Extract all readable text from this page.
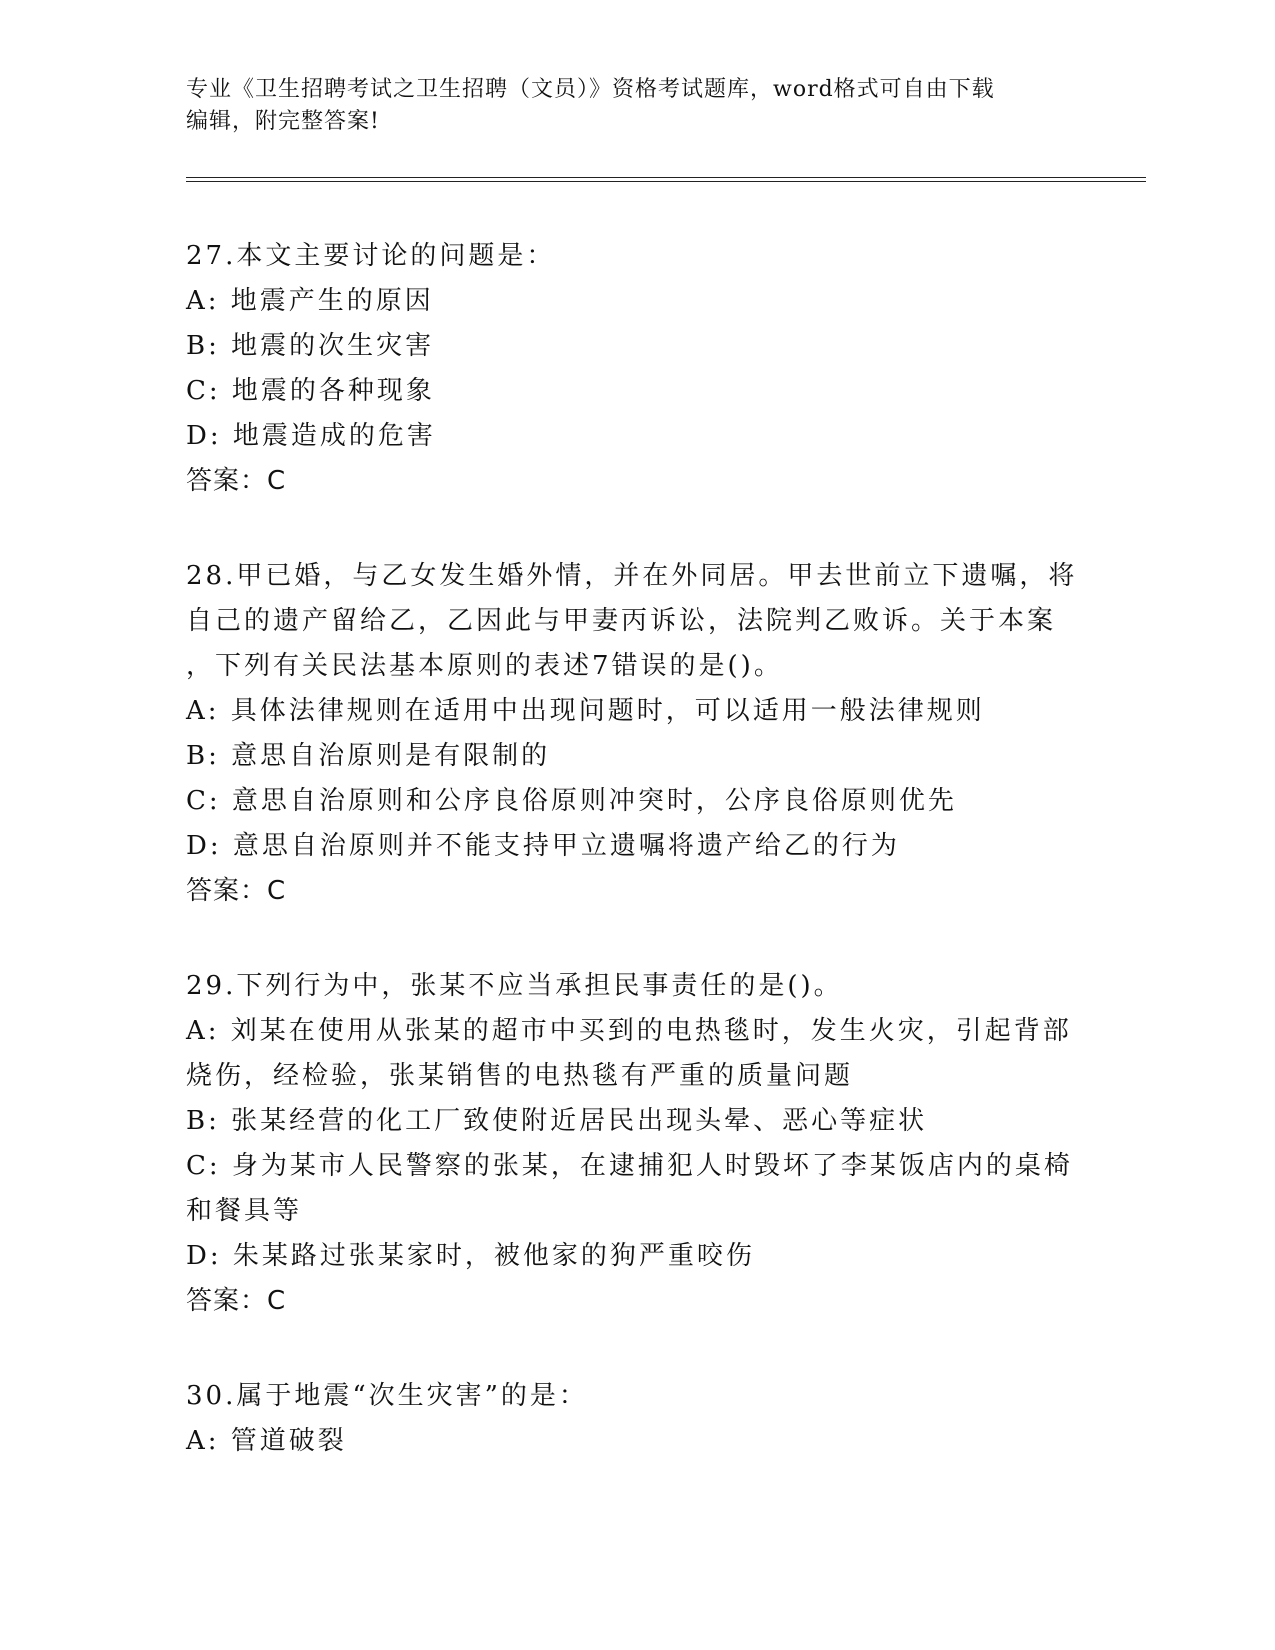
专业《卫生招聘考试之卫生招聘（文员）》资格考试题库，word格式可自由下载
编辑，附完整答案!
27.本文主要讨论的问题是：
A: 地震产生的原因
B: 地震的次生灾害
C: 地震的各种现象
D: 地震造成的危害
答案：C
28.甲已婚，与乙女发生婚外情，并在外同居。甲去世前立下遗嘱，将
自己的遗产留给乙，乙因此与甲妻丙诉讼，法院判乙败诉。关于本案
，下列有关民法基本原则的表述7错误的是()。
A: 具体法律规则在适用中出现问题时，可以适用一般法律规则
B: 意思自治原则是有限制的
C: 意思自治原则和公序良俗原则冲突时，公序良俗原则优先
D: 意思自治原则并不能支持甲立遗嘱将遗产给乙的行为
答案：C
29.下列行为中，张某不应当承担民事责任的是()。
A: 刘某在使用从张某的超市中买到的电热毯时，发生火灾，引起背部
烧伤，经检验，张某销售的电热毯有严重的质量问题
B: 张某经营的化工厂致使附近居民出现头晕、恶心等症状
C: 身为某市人民警察的张某，在逮捕犯人时毁坏了李某饭店内的桌椅
和餐具等
D: 朱某路过张某家时，被他家的狗严重咬伤
答案：C
30.属于地震“次生灾害”的是：
A: 管道破裂
